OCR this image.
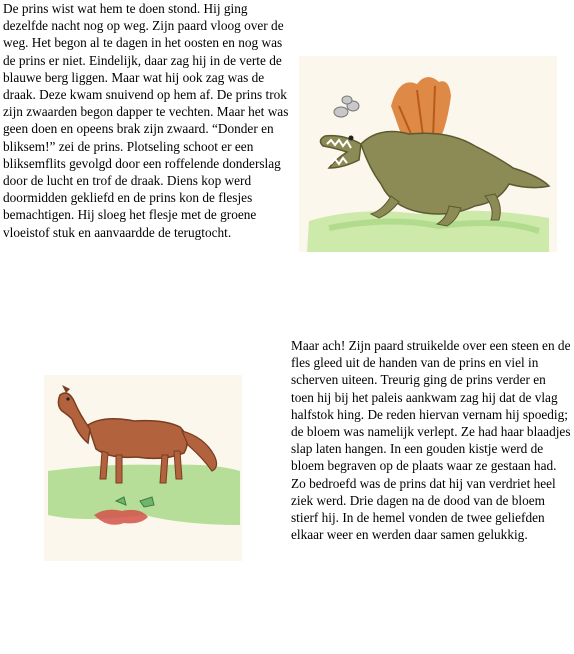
De prins wist wat hem te doen stond. Hij ging dezelfde nacht nog op weg. Zijn paard vloog over de weg. Het begon al te dagen in het oosten en nog was de prins er niet. Eindelijk, daar zag hij in de verte de blauwe berg liggen. Maar wat hij ook zag was de draak. Deze kwam snuivend op hem af. De prins trok zijn zwaarden begon dapper te vechten. Maar het was geen doen en opeens brak zijn zwaard. “Donder en bliksem!” zei de prins. Plotseling schoot er een bliksemflits gevolgd door een roffelende donderslag door de lucht en trof de draak. Diens kop werd doormidden gekliefd en de prins kon de flesjes bemachtigen. Hij sloeg het flesje met de groene vloeistof stuk en aanvaardde de terugtocht.

Maar ach! Zijn paard struikelde over een steen en de fles gleed uit de handen van de prins en viel in scherven uiteen. Treurig ging de prins verder en toen hij bij het paleis aankwam zag hij dat de vlag halfstok hing. De reden hiervan vernam hij spoedig; de bloem was namelijk verlept. Ze had haar blaadjes slap laten hangen. In een gouden kistje werd de bloem begraven op de plaats waar ze gestaan had. Zo bedroefd was de prins dat hij van verdriet heel ziek werd. Drie dagen na de dood van de bloem stierf hij. In de hemel vonden de twee geliefden elkaar weer en werden daar samen gelukkig.
